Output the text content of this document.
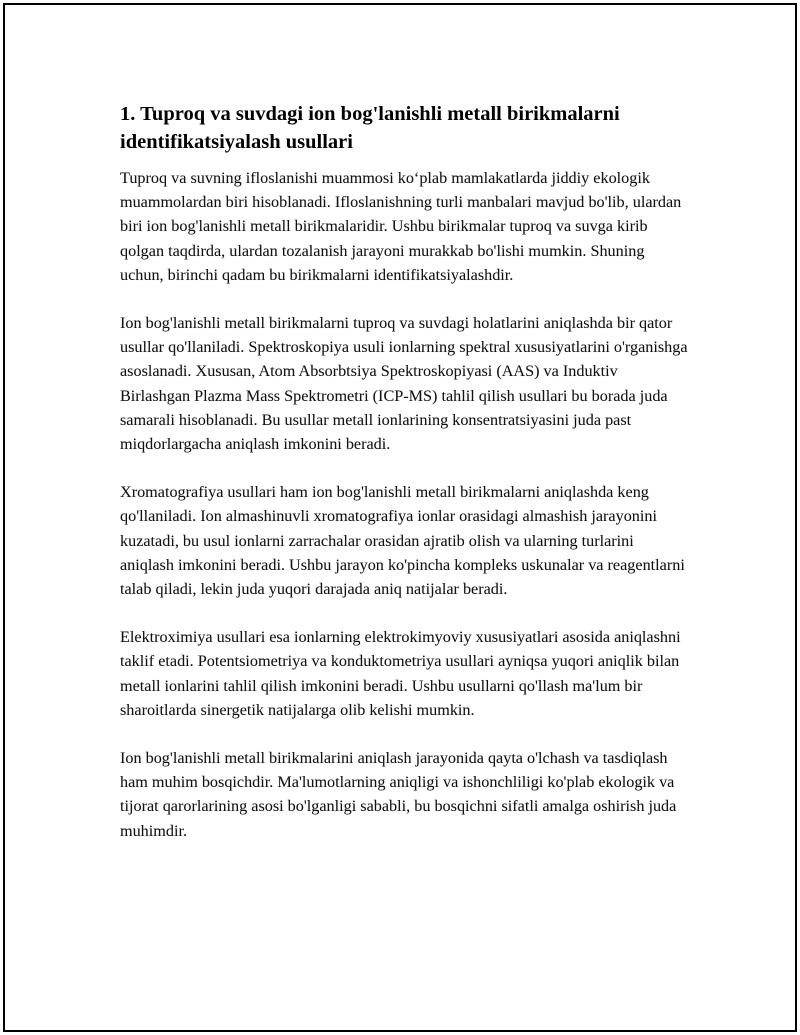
1. Tuproq va suvdagi ion bog'lanishli metall birikmalarni identifikatsiyalash usullari

Tuproq va suvning ifloslanishi muammosi koʻplab mamlakatlarda jiddiy ekologik muammolardan biri hisoblanadi. Ifloslanishning turli manbalari mavjud bo'lib, ulardan biri ion bog'lanishli metall birikmalaridir. Ushbu birikmalar tuproq va suvga kirib qolgan taqdirda, ulardan tozalanish jarayoni murakkab bo'lishi mumkin. Shuning uchun, birinchi qadam bu birikmalarni identifikatsiyalashdir.

Ion bog'lanishli metall birikmalarni tuproq va suvdagi holatlarini aniqlashda bir qator usullar qo'llaniladi. Spektroskopiya usuli ionlarning spektral xususiyatlarini o'rganishga asoslanadi. Xususan, Atom Absorbtsiya Spektroskopiyasi (AAS) va Induktiv Birlashgan Plazma Mass Spektrometri (ICP-MS) tahlil qilish usullari bu borada juda samarali hisoblanadi. Bu usullar metall ionlarining konsentratsiyasini juda past miqdorlargacha aniqlash imkonini beradi.

Xromatografiya usullari ham ion bog'lanishli metall birikmalarni aniqlashda keng qo'llaniladi. Ion almashinuvli xromatografiya ionlar orasidagi almashish jarayonini kuzatadi, bu usul ionlarni zarrachalar orasidan ajratib olish va ularning turlarini aniqlash imkonini beradi. Ushbu jarayon ko'pincha kompleks uskunalar va reagentlarni talab qiladi, lekin juda yuqori darajada aniq natijalar beradi.

Elektroximiya usullari esa ionlarning elektrokimyoviy xususiyatlari asosida aniqlashni taklif etadi. Potentsiometriya va konduktometriya usullari ayniqsa yuqori aniqlik bilan metall ionlarini tahlil qilish imkonini beradi. Ushbu usullarni qo'llash ma'lum bir sharoitlarda sinergetik natijalarga olib kelishi mumkin.

Ion bog'lanishli metall birikmalarini aniqlash jarayonida qayta o'lchash va tasdiqlash ham muhim bosqichdir. Ma'lumotlarning aniqligi va ishonchliligi ko'plab ekologik va tijorat qarorlarining asosi bo'lganligi sababli, bu bosqichni sifatli amalga oshirish juda muhimdir.
